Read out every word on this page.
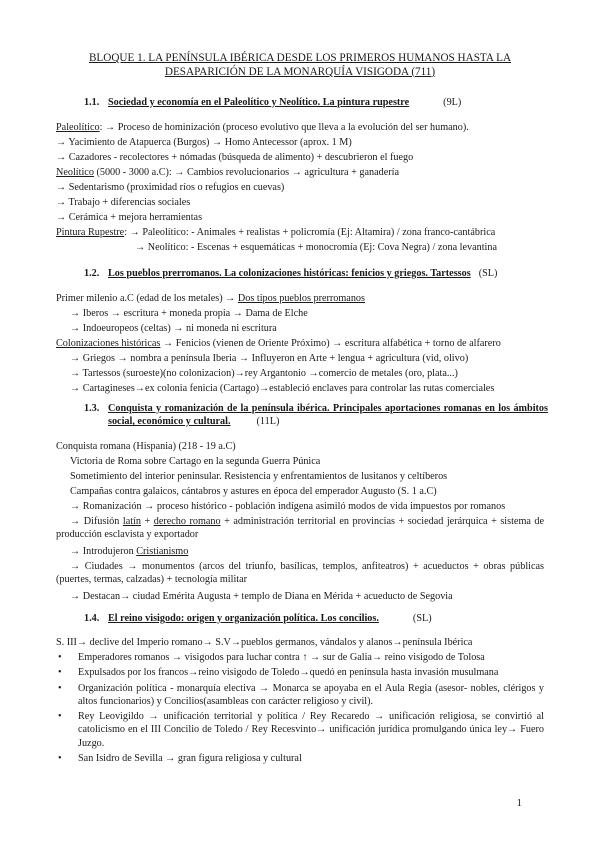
BLOQUE 1. LA PENÍNSULA IBÉRICA DESDE LOS PRIMEROS HUMANOS HASTA LA
DESAPARICIÓN DE LA MONARQUÍA VISIGODA (711)
1.1. Sociedad y economía en el Paleolítico y Neolítico. La pintura rupestre	(9L)
Paleolítico: → Proceso de hominización (proceso evolutivo que lleva a la evolución del ser humano).
→ Yacimiento de Atapuerca (Burgos) → Homo Antecessor (aprox. 1 M)
→ Cazadores - recolectores + nómadas (búsqueda de alimento) + descubrieron el fuego
Neolítico (5000 - 3000 a.C): → Cambios revolucionarios → agricultura + ganadería
→ Sedentarismo (proximidad ríos o refugios en cuevas)
→ Trabajo + diferencias sociales
→ Cerámica + mejora herramientas
Pintura Rupestre: → Paleolítico: - Animales + realistas + policromía (Ej: Altamira) / zona franco-cantábrica
→ Neolítico: - Escenas + esquemáticas + monocromía (Ej: Cova Negra) / zona levantina
1.2. Los pueblos prerromanos. La colonizaciones históricas: fenicios y griegos. Tartessos (SL)
Primer milenio a.C (edad de los metales) → Dos tipos pueblos prerromanos
→ Iberos → escritura + moneda propia → Dama de Elche
→ Indoeuropeos (celtas) → ni moneda ni escritura
Colonizaciones históricas → Fenicios (vienen de Oriente Próximo) → escritura alfabética + torno de alfarero
→ Griegos → nombra a península Iberia → Influyeron en Arte + lengua + agricultura (vid, olivo)
→ Tartessos (suroeste)(no colonizacion)→rey Argantonio →comercio de metales (oro, plata...)
→ Cartagineses→ex colonia fenicia (Cartago)→estableció enclaves para controlar las rutas comerciales
1.3. Conquista y romanización de la península ibérica. Principales aportaciones romanas en los ámbitos social, económico y cultural.	(11L)
Conquista romana (Hispania) (218 - 19 a.C)
Victoria de Roma sobre Cartago en la segunda Guerra Púnica
Sometimiento del interior peninsular. Resistencia y enfrentamientos de lusitanos y celtíberos
Campañas contra galaicos, cántabros y astures en época del emperador Augusto (S. 1 a.C)
→ Romanización → proceso histórico - población indígena asimiló modos de vida impuestos por romanos
→ Difusión latín + derecho romano + administración territorial en provincias + sociedad jerárquica + sistema de producción esclavista y exportador
→ Introdujeron Cristianismo
→ Ciudades → monumentos (arcos del triunfo, basílicas, templos, anfiteatros) + acueductos + obras públicas (puertes, termas, calzadas) + tecnología militar
→ Destacan→ ciudad Emérita Augusta + templo de Diana en Mérida + acueducto de Segovia
1.4. El reino visigodo: origen y organización política. Los concilios.	(SL)
S. III→ declive del Imperio romano→ S.V→pueblos germanos, vándalos y alanos→península Ibérica
• Emperadores romanos → visigodos para luchar contra ↑ → sur de Galia→ reino visigodo de Tolosa
• Expulsados por los francos→reino visigodo de Toledo→quedó en península hasta invasión musulmana
• Organización política - monarquía electiva → Monarca se apoyaba en el Aula Regia (asesor- nobles, clérigos y altos funcionarios) y Concilios(asambleas con carácter religioso y civil).
• Rey Leovigildo → unificación territorial y política / Rey Recaredo → unificación religiosa, se convirtió al catolicismo en el III Concilio de Toledo / Rey Recesvinto→ unificación jurídica promulgando única ley→ Fuero Juzgo.
• San Isidro de Sevilla → gran figura religiosa y cultural
1
